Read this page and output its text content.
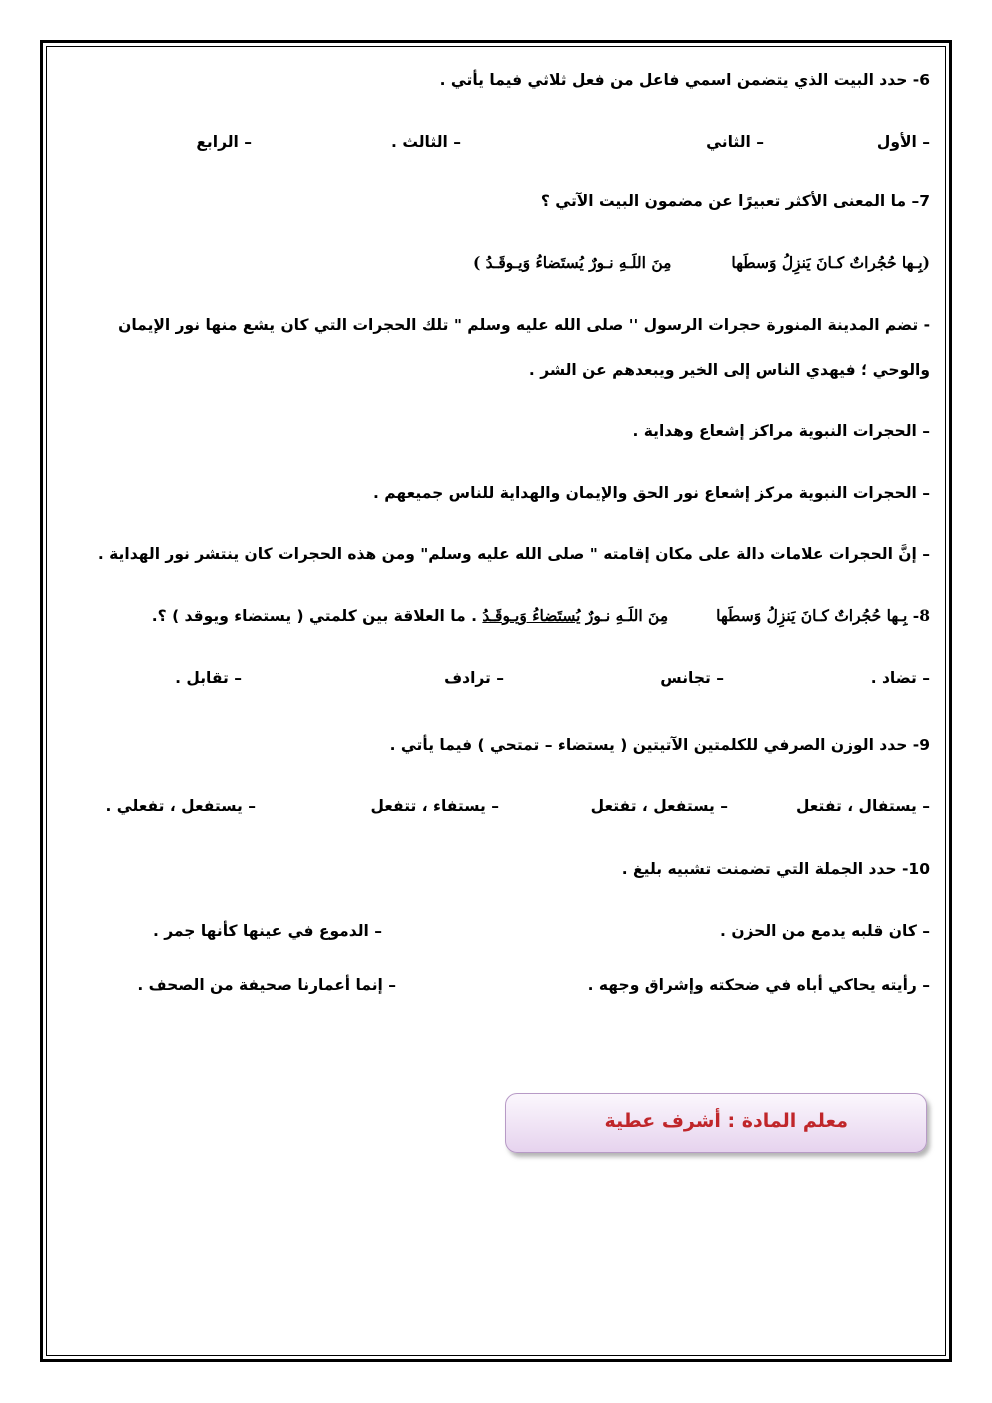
6- حدد البيت الذي يتضمن اسمي فاعل من فعل ثلاثي فيما يأتي .
– الأول
– الثاني
– الثالث .
– الرابع
7– ما المعنى الأكثر تعبيرًا عن مضمون البيت الآتي ؟
(بِـها حُجُراتٌ كـانَ يَنزِلُ وَسطَهامِنَ اللَـهِ نـورٌ يُستَضاءُ وَيـوقَـدُ )
- تضم المدينة المنورة حجرات الرسول '' صلى الله عليه وسلم " تلك الحجرات التي كان يشع منها نور الإيمان
والوحي ؛ فيهدي الناس إلى الخير ويبعدهم عن الشر .
– الحجرات النبوية مراكز إشعاع وهداية .
– الحجرات النبوية مركز إشعاع نور الحق والإيمان والهداية للناس جميعهم .
– إنَّ الحجرات علامات دالة على مكان إقامته " صلى الله عليه وسلم" ومن هذه الحجرات كان ينتشر نور الهداية .
8- بِـها حُجُراتٌ كـانَ يَنزِلُ وَسطَهامِنَ اللَـهِ نـورٌ يُستَضاءُ وَيـوقَـدُ . ما العلاقة بين كلمتي ( يستضاء ويوقد ) ؟.
– تضاد .
– تجانس
– ترادف
– تقابل .
9- حدد الوزن الصرفي للكلمتين الآتيتين ( يستضاء – تمتحي ) فيما يأتي .
– يستفال ، تفتعل
– يستفعل ، تفتعل
– يستفاء ، تتفعل
– يستفعل ، تفعلي .
10- حدد الجملة التي تضمنت تشبيه بليغ .
– كان قلبه يدمع من الحزن .
– الدموع في عينها كأنها جمر .
– رأيته يحاكي أباه في ضحكته وإشراق وجهه .
– إنما أعمارنا صحيفة من الصحف .
معلم المادة : أشرف عطية
